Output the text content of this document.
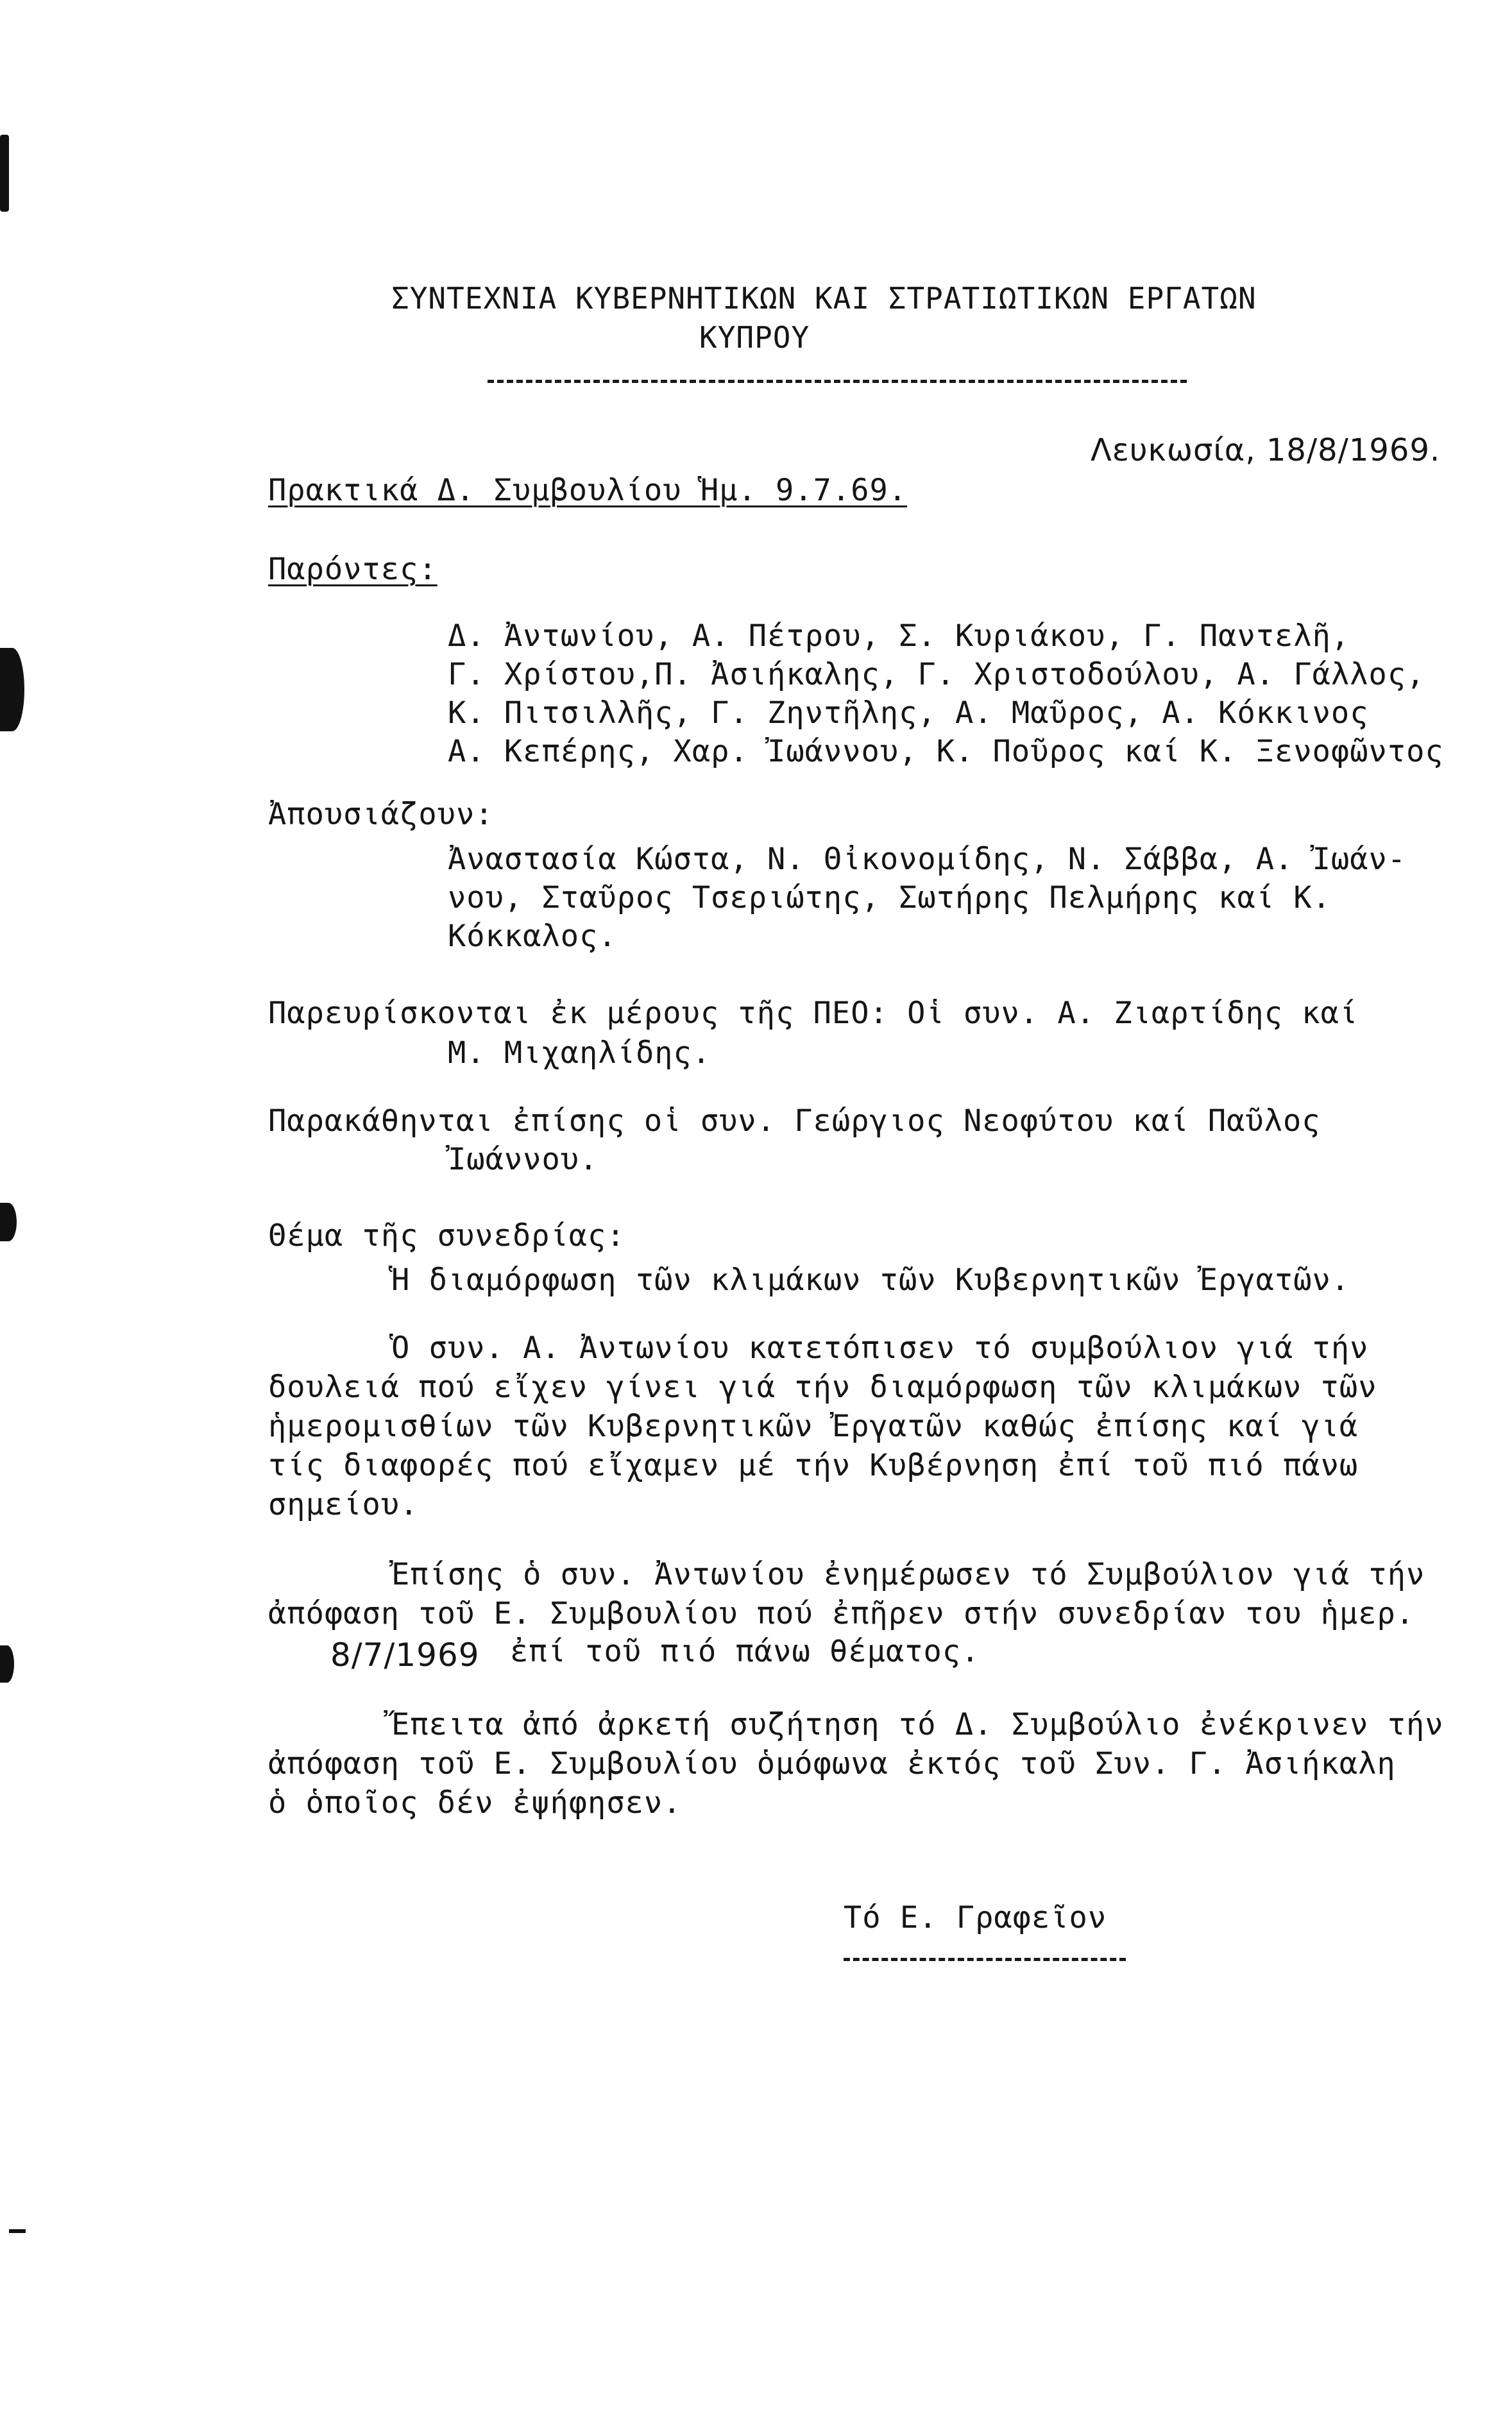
ΣΥΝΤΕΧΝΙΑ ΚΥΒΕΡΝΗΤΙΚΩΝ ΚΑΙ ΣΤΡΑΤΙΩΤΙΚΩΝ ΕΡΓΑΤΩΝ
ΚΥΠΡΟΥ
Λευκωσία, 18/8/1969.
Πρακτικά Δ. Συμβουλίου Ἡμ. 9.7.69.
Παρόντες:
Δ. Ἀντωνίου, Α. Πέτρου, Σ. Κυριάκου, Γ. Παντελῆ,
Γ. Χρίστου,Π. Ἀσιήκαλης, Γ. Χριστοδούλου, Α. Γάλλος,
Κ. Πιτσιλλῆς, Γ. Ζηντῆλης, Α. Μαῦρος, Α. Κόκκινος
Α. Κεπέρης, Χαρ. Ἰωάννου, Κ. Ποῦρος καί Κ. Ξενοφῶντος
Ἀπουσιάζουν:
Ἀναστασία Κώστα, Ν. Θἰκονομίδης, Ν. Σάββα, Α. Ἰωάν-
νου, Σταῦρος Τσεριώτης, Σωτήρης Πελμήρης καί Κ.
Κόκκαλος.
Παρευρίσκονται ἐκ μέρους τῆς ΠΕΟ: Οἱ συν. Α. Ζιαρτίδης καί
Μ. Μιχαηλίδης.
Παρακάθηνται ἐπίσης οἱ συν. Γεώργιος Νεοφύτου καί Παῦλος
Ἰωάννου.
Θέμα τῆς συνεδρίας:
Ἡ διαμόρφωση τῶν κλιμάκων τῶν Κυβερνητικῶν Ἐργατῶν.
Ὁ συν. Α. Ἀντωνίου κατετόπισεν τό συμβούλιον γιά τήν
δουλειά πού εἴχεν γίνει γιά τήν διαμόρφωση τῶν κλιμάκων τῶν
ἡμερομισθίων τῶν Κυβερνητικῶν Ἐργατῶν καθώς ἐπίσης καί γιά
τίς διαφορές πού εἴχαμεν μέ τήν Κυβέρνηση ἐπί τοῦ πιό πάνω
σημείου.
Ἐπίσης ὁ συν. Ἀντωνίου ἐνημέρωσεν τό Συμβούλιον γιά τήν
ἀπόφαση τοῦ Ε. Συμβουλίου πού ἐπῆρεν στήν συνεδρίαν του ἡμερ.
8/7/1969 ἐπί τοῦ πιό πάνω θέματος.
Ἔπειτα ἀπό ἀρκετή συζήτηση τό Δ. Συμβούλιο ἐνέκρινεν τήν
ἀπόφαση τοῦ Ε. Συμβουλίου ὁμόφωνα ἐκτός τοῦ Συν. Γ. Ἀσιήκαλη
ὁ ὁποῖος δέν ἐψήφησεν.
Τό Ε. Γραφεῖον
